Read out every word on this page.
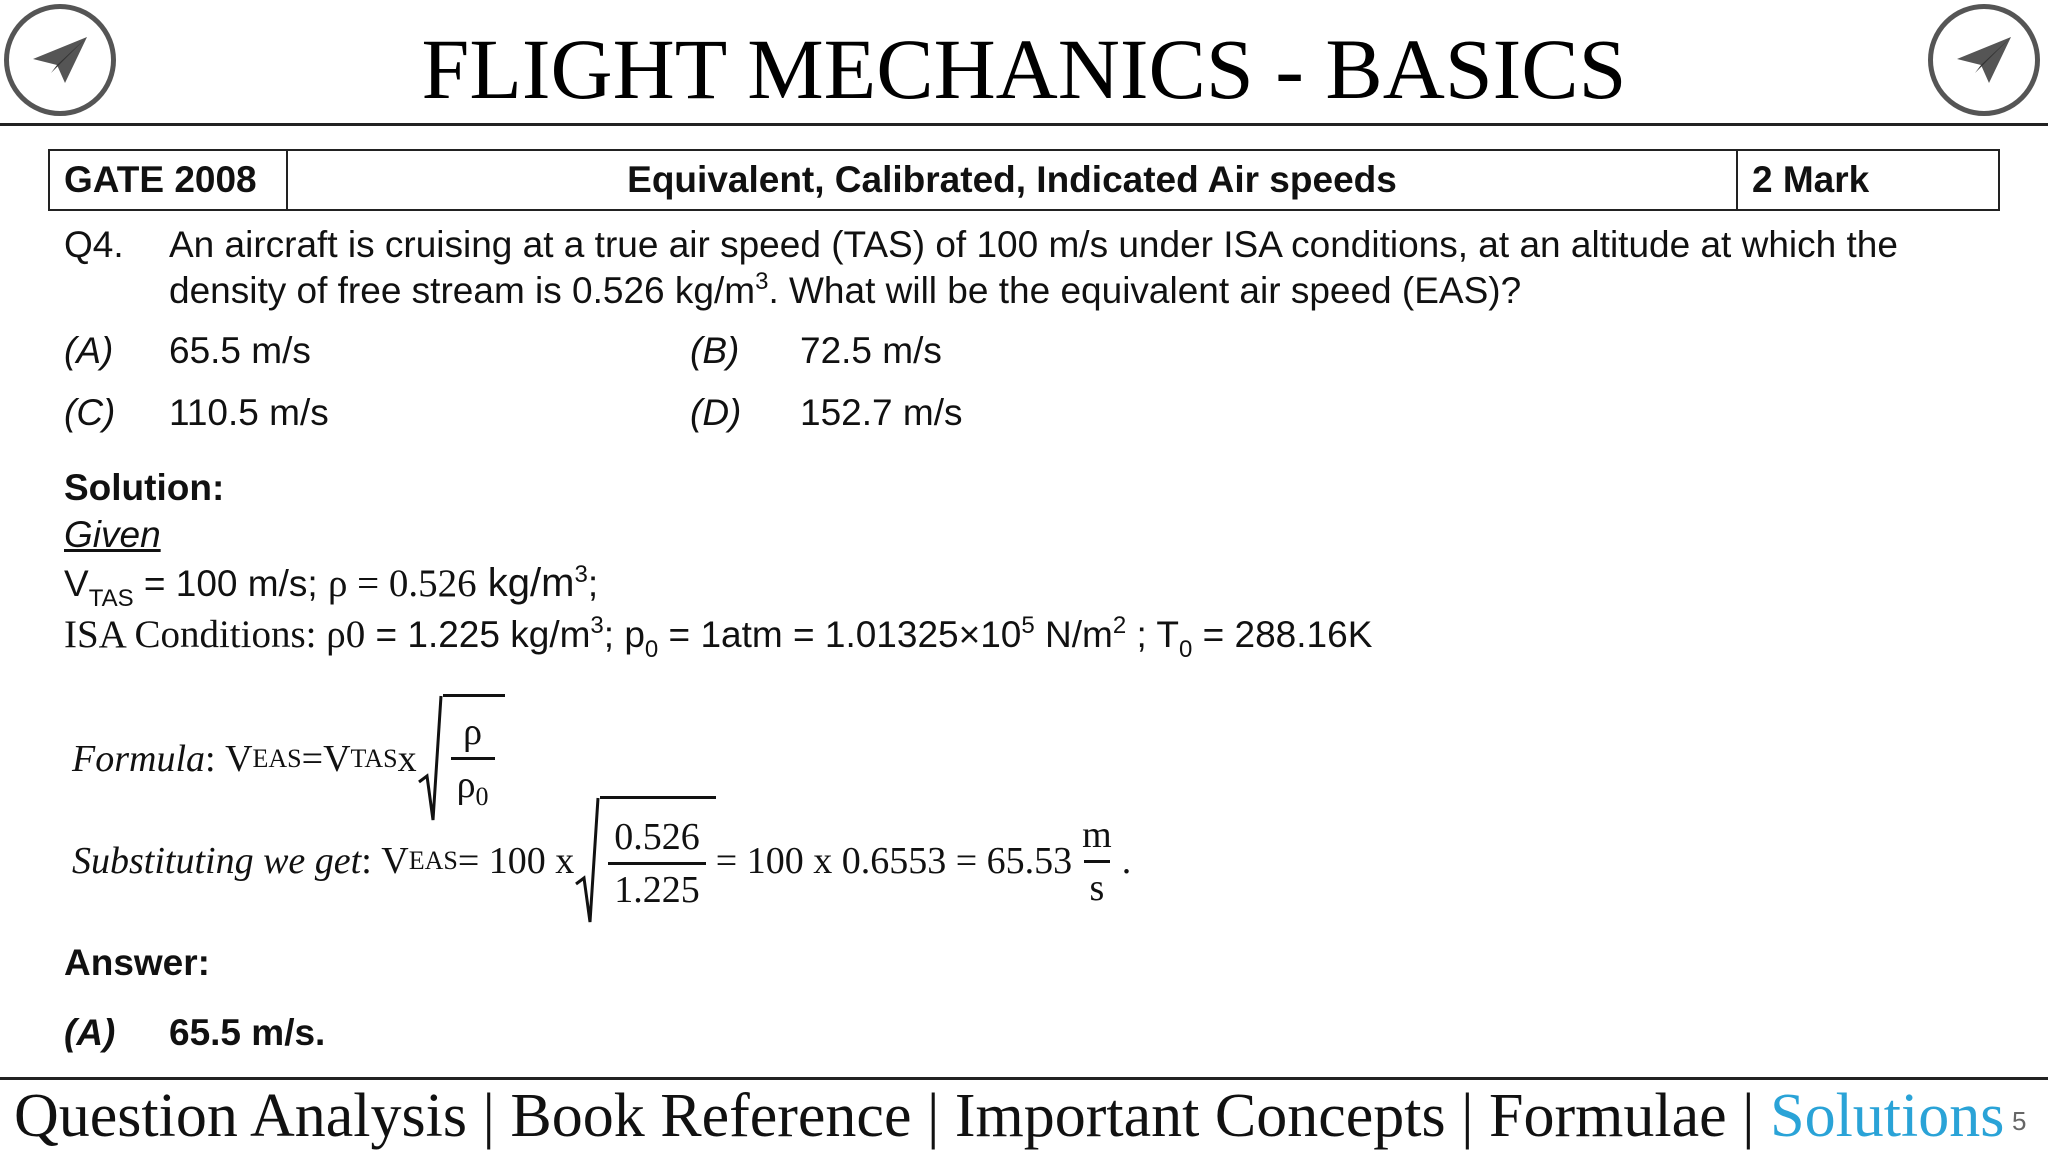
FLIGHT MECHANICS - BASICS
GATE 2008	Equivalent, Calibrated, Indicated Air speeds	2 Mark
Q4. An aircraft is cruising at a true air speed (TAS) of 100 m/s under ISA conditions, at an altitude at which the
density of free stream is 0.526 $kg/m^3$. What will be the equivalent air speed (EAS)?
(A) 65.5 m/s	(B) 72.5 m/s
(C) 110.5 m/s	(D) 152.7 m/s
Solution:
Given
$V_{TAS} = 100$ m/s; ρ = 0.526 $kg/m^3$;
ISA Conditions: ρ0 = 1.225 $kg/m^3$; $p_0 = 1atm = 1.01325\times 10^5$ $N/m^2$ ; $T_0 = 288.16K$
Formula :
V EAS = V TAS x $\frac{\rho}{\rho_0}$
Substituting we get :
V EAS = 100 x $\frac{0.526}{1.225} = 100$ x $0.6553 = 65.53 \frac{m}{s}$ .
Answer:
(A) 65.5 m/s.
Question Analysis | Book Reference | Important Concepts | Formulae | Solutions 5
